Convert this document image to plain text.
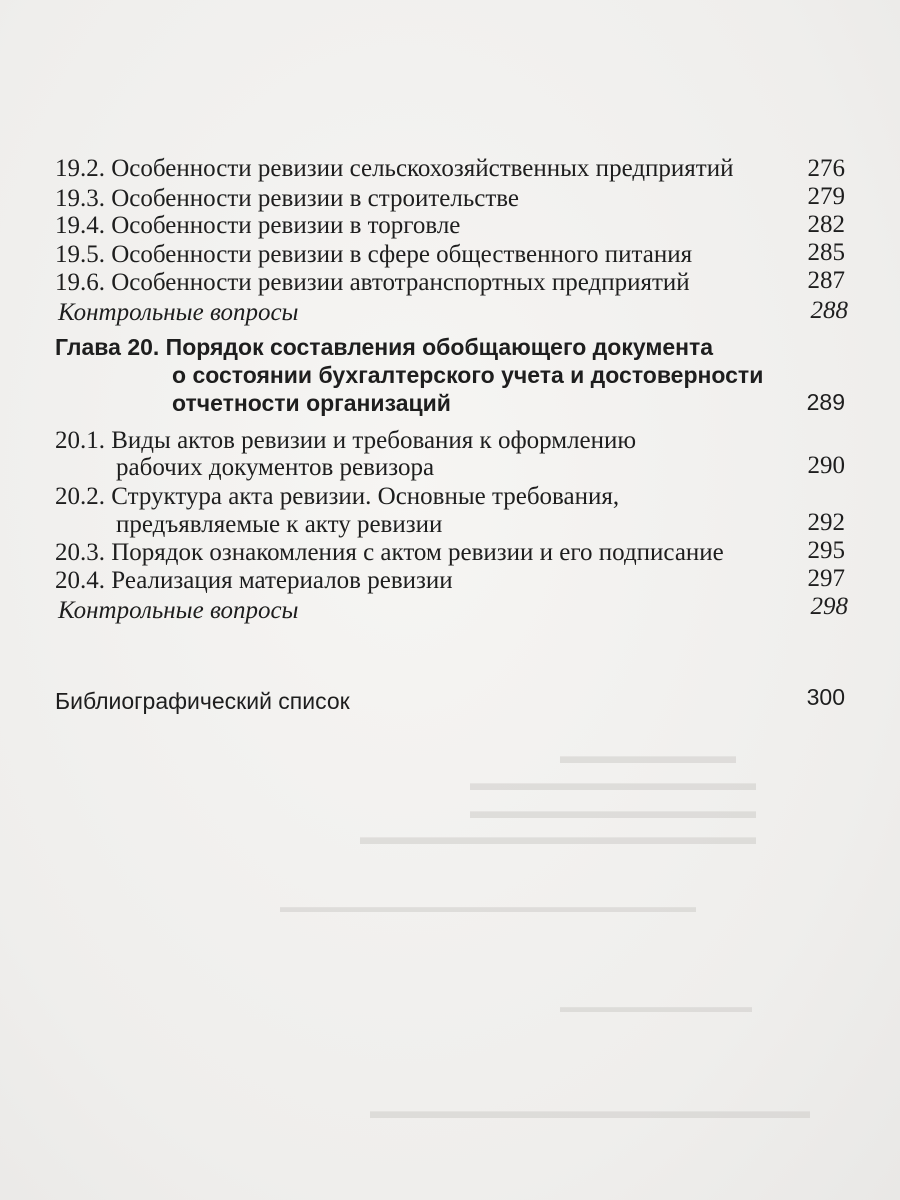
▬▬▬▬▬▬▬▬
▬▬▬▬▬▬▬▬▬▬▬▬▬
▬▬▬▬▬▬▬▬▬▬▬▬▬
▬▬▬▬▬▬▬▬▬▬▬▬▬▬▬▬▬▬
▬▬▬▬▬▬▬▬▬▬▬▬▬▬▬▬▬▬▬▬▬▬▬▬▬▬
▬▬▬▬▬▬▬▬▬▬▬▬
▬▬▬▬▬▬▬▬▬▬▬▬▬▬▬▬▬▬▬▬
19.2. Особенности ревизии сельскохозяйственных предприятий	276
19.3. Особенности ревизии в строительстве	279
19.4. Особенности ревизии в торговле	282
19.5. Особенности ревизии в сфере общественного питания	285
19.6. Особенности ревизии автотранспортных предприятий	287
Контрольные вопросы	288
Глава 20. Порядок составления обобщающего документа
о состоянии бухгалтерского учета и достоверности
отчетности организаций	289
20.1. Виды актов ревизии и требования к оформлению
рабочих документов ревизора	290
20.2. Структура акта ревизии. Основные требования,
предъявляемые к акту ревизии	292
20.3. Порядок ознакомления с актом ревизии и его подписание	295
20.4. Реализация материалов ревизии	297
Контрольные вопросы	298
Библиографический список	300
